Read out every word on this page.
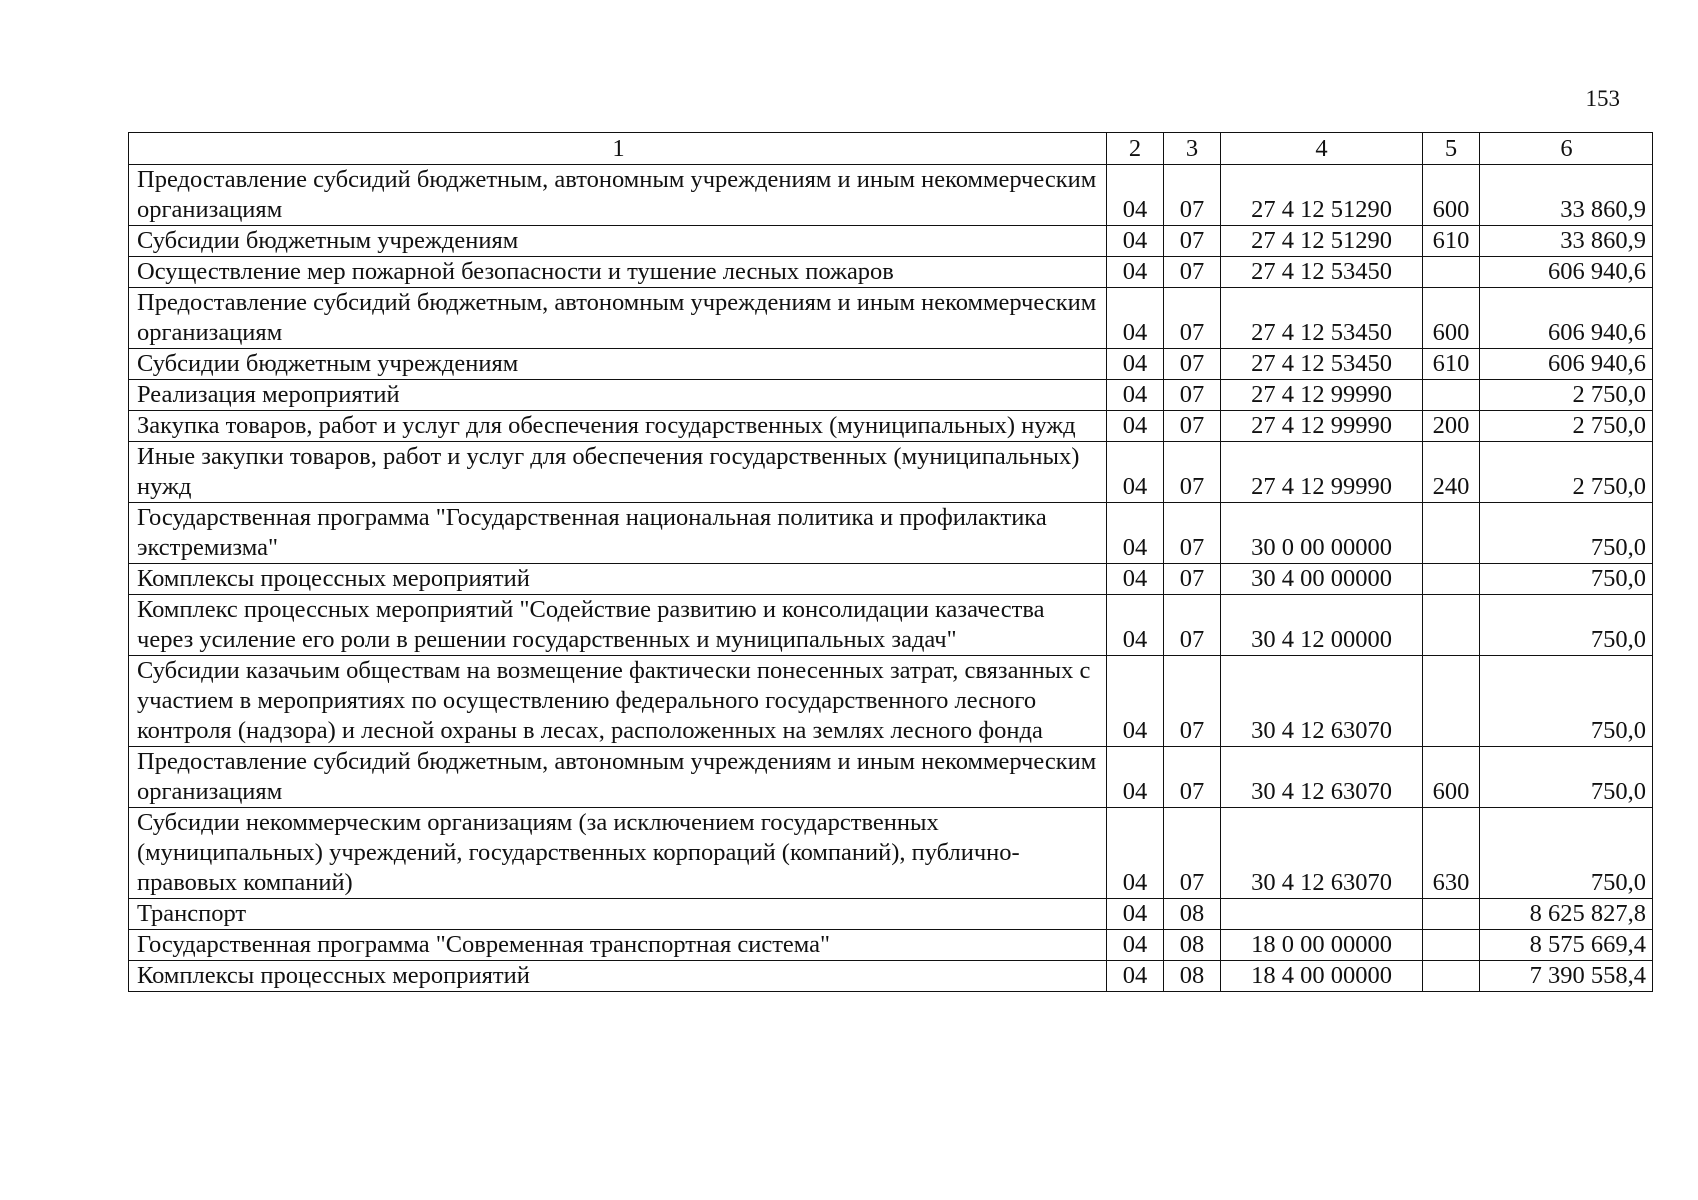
153
1	2	3	4	5	6
Предоставление субсидий бюджетным, автономным учреждениям и иным некоммерческим организациям	04	07	27 4 12 51290	600	33 860,9
Субсидии бюджетным учреждениям	04	07	27 4 12 51290	610	33 860,9
Осуществление мер пожарной безопасности и тушение лесных пожаров	04	07	27 4 12 53450		606 940,6
Предоставление субсидий бюджетным, автономным учреждениям и иным некоммерческим организациям	04	07	27 4 12 53450	600	606 940,6
Субсидии бюджетным учреждениям	04	07	27 4 12 53450	610	606 940,6
Реализация мероприятий	04	07	27 4 12 99990		2 750,0
Закупка товаров, работ и услуг для обеспечения государственных (муниципальных) нужд	04	07	27 4 12 99990	200	2 750,0
Иные закупки товаров, работ и услуг для обеспечения государственных (муниципальных) нужд	04	07	27 4 12 99990	240	2 750,0
Государственная программа "Государственная национальная политика и профилактика экстремизма"	04	07	30 0 00 00000		750,0
Комплексы процессных мероприятий	04	07	30 4 00 00000		750,0
Комплекс процессных мероприятий "Содействие развитию и консолидации казачества через усиление его роли в решении государственных и муниципальных задач"	04	07	30 4 12 00000		750,0
Субсидии казачьим обществам на возмещение фактически понесенных затрат, связанных с участием в мероприятиях по осуществлению федерального государственного лесного контроля (надзора) и лесной охраны в лесах, расположенных на землях лесного фонда	04	07	30 4 12 63070		750,0
Предоставление субсидий бюджетным, автономным учреждениям и иным некоммерческим организациям	04	07	30 4 12 63070	600	750,0
Субсидии некоммерческим организациям (за исключением государственных (муниципальных) учреждений, государственных корпораций (компаний), публично-правовых компаний)	04	07	30 4 12 63070	630	750,0
Транспорт	04	08			8 625 827,8
Государственная программа "Современная транспортная система"	04	08	18 0 00 00000		8 575 669,4
Комплексы процессных мероприятий	04	08	18 4 00 00000		7 390 558,4
